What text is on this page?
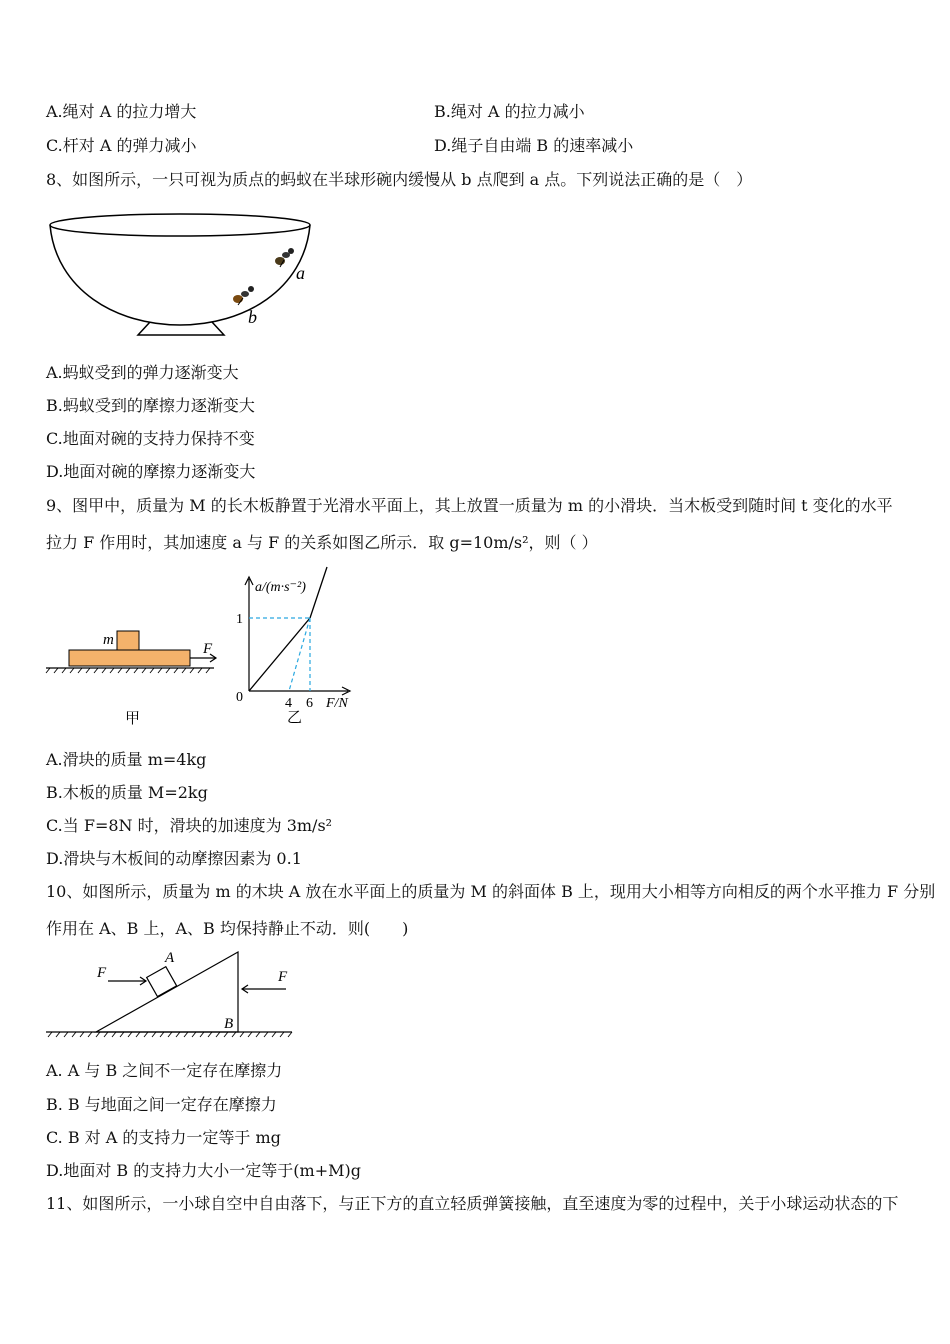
A.绳对 A 的拉力增大	B.绳对 A 的拉力减小
C.杆对 A 的弹力减小	D.绳子自由端 B 的速率减小
8、如图所示，一只可视为质点的蚂蚁在半球形碗内缓慢从 b 点爬到 a 点。下列说法正确的是（　）
a
b
A.蚂蚁受到的弹力逐渐变大
B.蚂蚁受到的摩擦力逐渐变大
C.地面对碗的支持力保持不变
D.地面对碗的摩擦力逐渐变大
9、图甲中，质量为 M 的长木板静置于光滑水平面上，其上放置一质量为 m 的小滑块．当木板受到随时间 t 变化的水平
拉力 F 作用时，其加速度 a 与 F 的关系如图乙所示．取 g=10m/s²，则（ ）
m
F
甲
a/(m·s⁻²)
1
0	4 6 F/N
乙
A.滑块的质量 m=4kg
B.木板的质量 M=2kg
C.当 F=8N 时，滑块的加速度为 3m/s²
D.滑块与木板间的动摩擦因素为 0.1
10、如图所示，质量为 m 的木块 A 放在水平面上的质量为 M 的斜面体 B 上，现用大小相等方向相反的两个水平推力 F 分别
作用在 A、B 上，A、B 均保持静止不动．则(　　)
F
A
F
B
A. A 与 B 之间不一定存在摩擦力
B. B 与地面之间一定存在摩擦力
C. B 对 A 的支持力一定等于 mg
D.地面对 B 的支持力大小一定等于(m+M)g
11、如图所示，一小球自空中自由落下，与正下方的直立轻质弹簧接触，直至速度为零的过程中，关于小球运动状态的下
